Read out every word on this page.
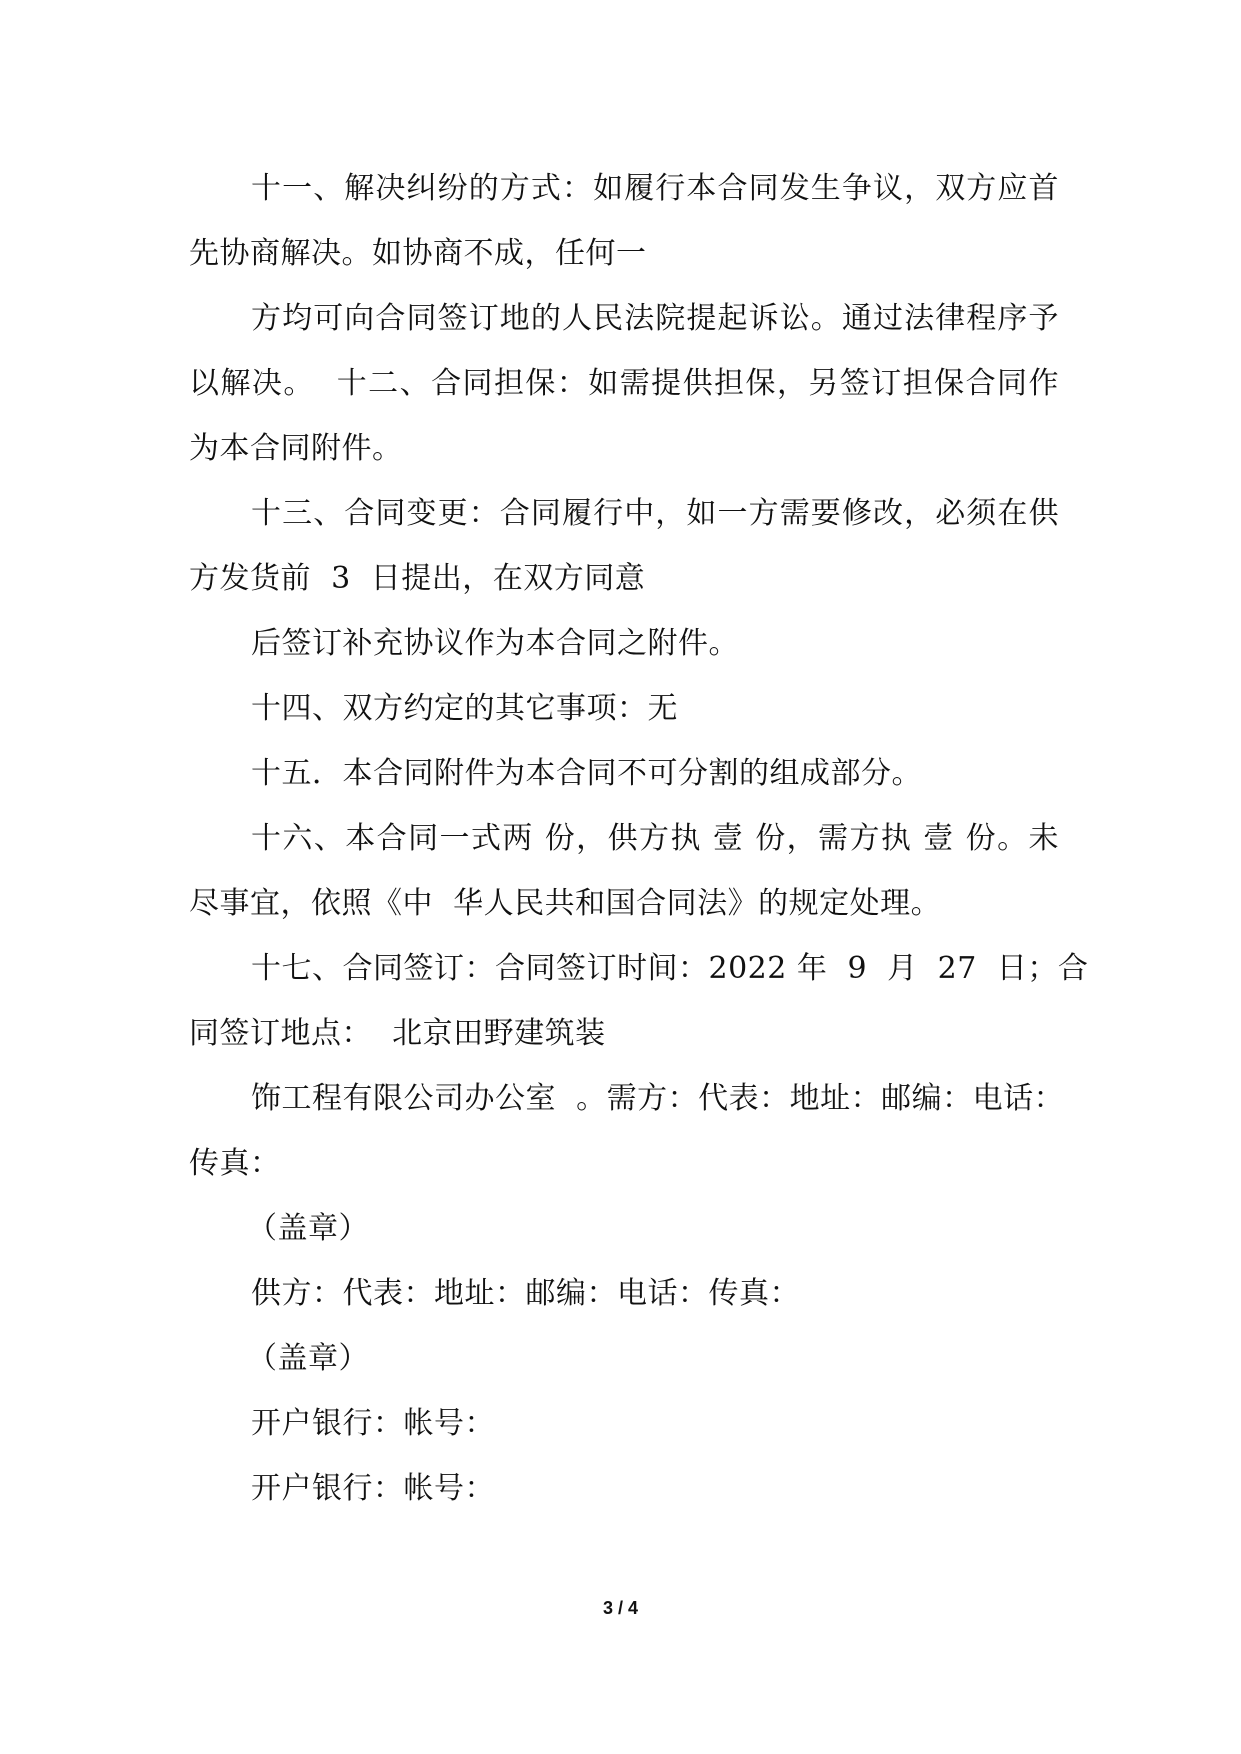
十一、解决纠纷的方式：如履行本合同发生争议，双方应首
先协商解决。如协商不成，任何一
方均可向合同签订地的人民法院提起诉讼。通过法律程序予
以解决。  十二、合同担保：如需提供担保，另签订担保合同作
为本合同附件。
十三、合同变更：合同履行中，如一方需要修改，必须在供
方发货前  3  日提出，在双方同意
后签订补充协议作为本合同之附件。
十四、双方约定的其它事项：无
十五．本合同附件为本合同不可分割的组成部分。
十六、本合同一式两 份，供方执 壹 份，需方执 壹 份。未
尽事宜，依照《中  华人民共和国合同法》的规定处理。
十七、合同签订：合同签订时间：2022 年  9  月  27  日；合
同签订地点：  北京田野建筑装
饰工程有限公司办公室  。需方：代表：地址：邮编：电话：
传真：
（盖章）
供方：代表：地址：邮编：电话：传真：
（盖章）
开户银行：帐号：
开户银行：帐号：
3 / 4
